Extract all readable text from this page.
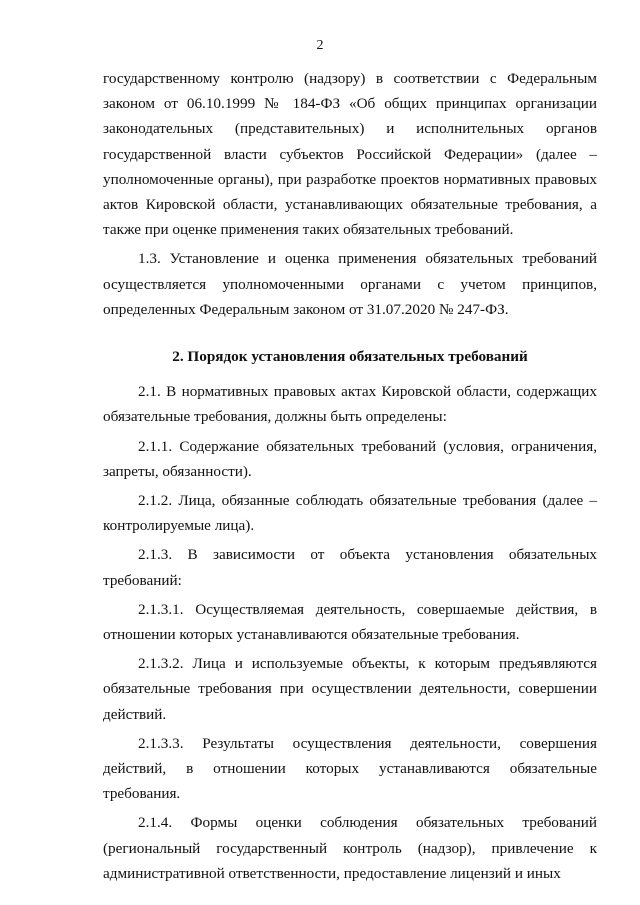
2

государственному контролю (надзору) в соответствии с Федеральным законом от 06.10.1999 № 184-ФЗ «Об общих принципах организации законодательных (представительных) и исполнительных органов государственной власти субъектов Российской Федерации» (далее – уполномоченные органы), при разработке проектов нормативных правовых актов Кировской области, устанавливающих обязательные требования, а также при оценке применения таких обязательных требований.

1.3. Установление и оценка применения обязательных требований осуществляется уполномоченными органами с учетом принципов, определенных Федеральным законом от 31.07.2020 № 247-ФЗ.

2. Порядок установления обязательных требований

2.1. В нормативных правовых актах Кировской области, содержащих обязательные требования, должны быть определены:

2.1.1. Содержание обязательных требований (условия, ограничения, запреты, обязанности).

2.1.2. Лица, обязанные соблюдать обязательные требования (далее – контролируемые лица).

2.1.3. В зависимости от объекта установления обязательных требований:

2.1.3.1. Осуществляемая деятельность, совершаемые действия, в отношении которых устанавливаются обязательные требования.

2.1.3.2. Лица и используемые объекты, к которым предъявляются обязательные требования при осуществлении деятельности, совершении действий.

2.1.3.3. Результаты осуществления деятельности, совершения действий, в отношении которых устанавливаются обязательные требования.

2.1.4. Формы оценки соблюдения обязательных требований (региональный государственный контроль (надзор), привлечение к административной ответственности, предоставление лицензий и иных
